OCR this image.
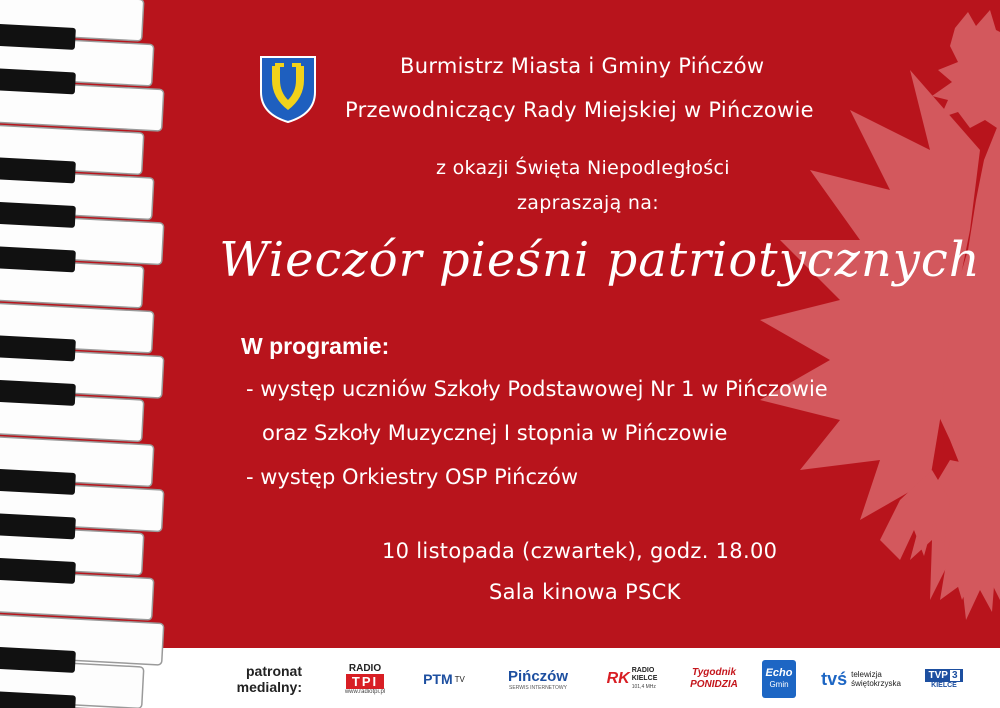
Burmistrz Miasta i Gminy Pińczów
Przewodniczący Rady Miejskiej w Pińczowie
z okazji Święta Niepodległości
zapraszają na:
Wieczór pieśni patriotycznych
W programie:
- występ uczniów Szkoły Podstawowej Nr 1 w Pińczowie
oraz Szkoły Muzycznej I stopnia w Pińczowie
- występ Orkiestry OSP Pińczów
10 listopada (czwartek), godz. 18.00
Sala kinowa PSCK
patronat
medialny:
RADIO
TPI
www.radiotpi.pl
PTM TV	Pińczów
SERWIS INTERNETOWY
RK RADIO
KIELCE
101,4 MHz
Tygodnik
PONIDZIA
Echo
Gmin tvś telewizja
świętokrzyska
TVP 3
KIELCE
